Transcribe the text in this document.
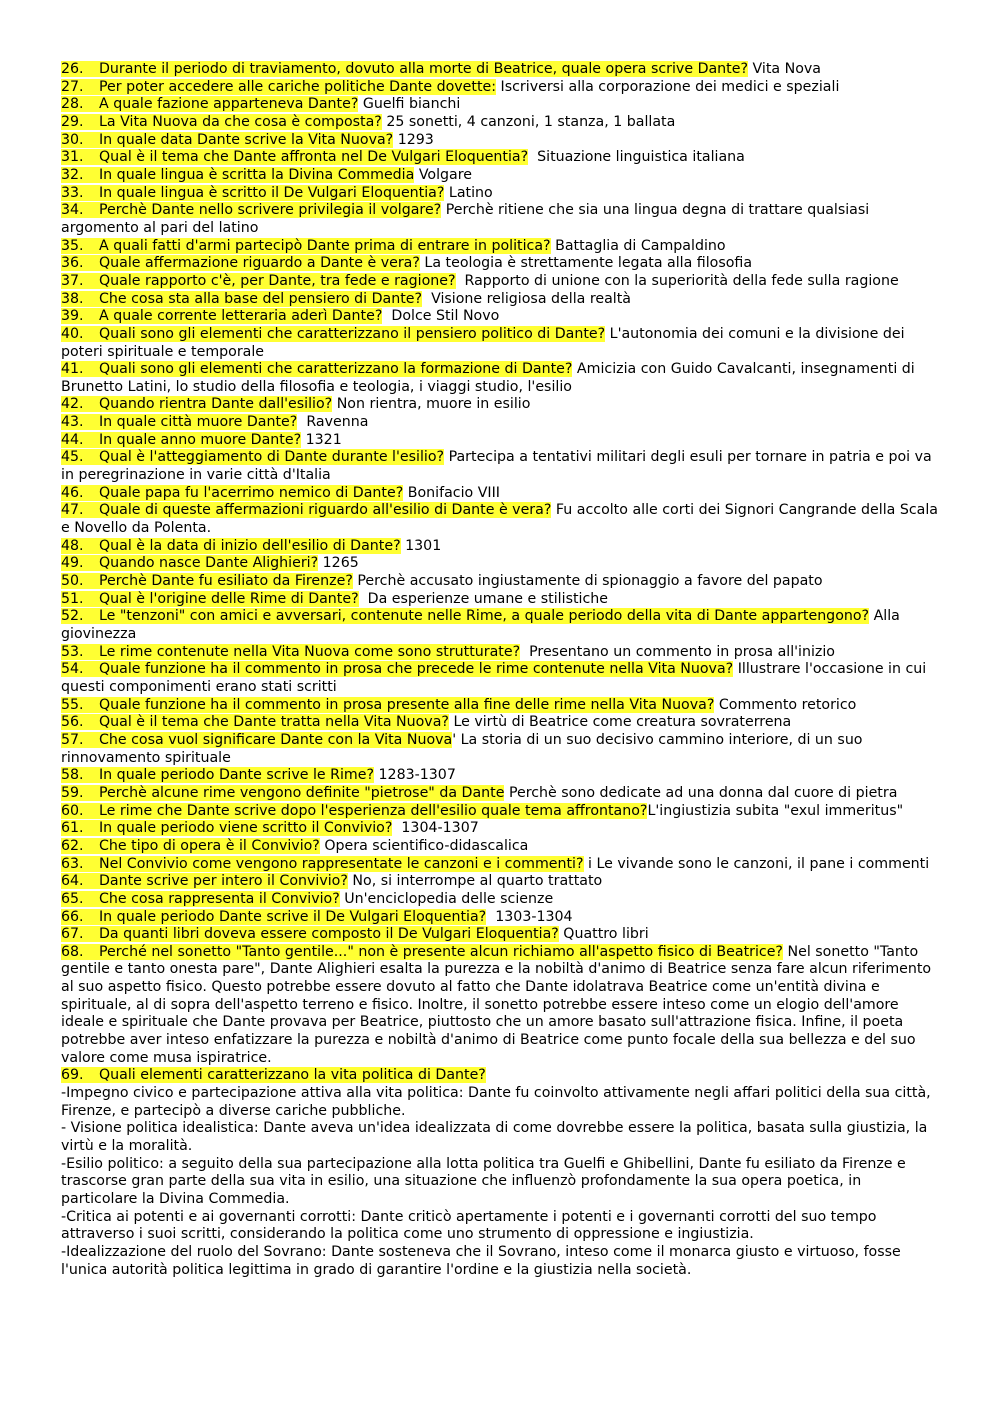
26. Durante il periodo di traviamento, dovuto alla morte di Beatrice, quale opera scrive Dante? Vita Nova
27. Per poter accedere alle cariche politiche Dante dovette: Iscriversi alla corporazione dei medici e speziali
28. A quale fazione apparteneva Dante? Guelfi bianchi
29. La Vita Nuova da che cosa è composta? 25 sonetti, 4 canzoni, 1 stanza, 1 ballata
30. In quale data Dante scrive la Vita Nuova? 1293
31. Qual è il tema che Dante affronta nel De Vulgari Eloquentia?  Situazione linguistica italiana
32. In quale lingua è scritta la Divina Commedia Volgare
33. In quale lingua è scritto il De Vulgari Eloquentia? Latino
34. Perchè Dante nello scrivere privilegia il volgare? Perchè ritiene che sia una lingua degna di trattare qualsiasi argomento al pari del latino
35. A quali fatti d'armi partecipò Dante prima di entrare in politica? Battaglia di Campaldino
36. Quale affermazione riguardo a Dante è vera? La teologia è strettamente legata alla filosofia
37. Quale rapporto c'è, per Dante, tra fede e ragione?  Rapporto di unione con la superiorità della fede sulla ragione
38. Che cosa sta alla base del pensiero di Dante?  Visione religiosa della realtà
39. A quale corrente letteraria aderì Dante?  Dolce Stil Novo
40. Quali sono gli elementi che caratterizzano il pensiero politico di Dante? L'autonomia dei comuni e la divisione dei poteri spirituale e temporale
41. Quali sono gli elementi che caratterizzano la formazione di Dante? Amicizia con Guido Cavalcanti, insegnamenti di Brunetto Latini, lo studio della filosofia e teologia, i viaggi studio, l'esilio
42. Quando rientra Dante dall'esilio? Non rientra, muore in esilio
43. In quale città muore Dante?  Ravenna
44. In quale anno muore Dante? 1321
45. Qual è l'atteggiamento di Dante durante l'esilio? Partecipa a tentativi militari degli esuli per tornare in patria e poi va in peregrinazione in varie città d'Italia
46. Quale papa fu l'acerrimo nemico di Dante? Bonifacio VIII
47. Quale di queste affermazioni riguardo all'esilio di Dante è vera? Fu accolto alle corti dei Signori Cangrande della Scala e Novello da Polenta.
48. Qual è la data di inizio dell'esilio di Dante? 1301
49. Quando nasce Dante Alighieri? 1265
50. Perchè Dante fu esiliato da Firenze? Perchè accusato ingiustamente di spionaggio a favore del papato
51. Qual è l'origine delle Rime di Dante?  Da esperienze umane e stilistiche
52. Le "tenzoni" con amici e avversari, contenute nelle Rime, a quale periodo della vita di Dante appartengono? Alla giovinezza
53. Le rime contenute nella Vita Nuova come sono strutturate?  Presentano un commento in prosa all'inizio
54. Quale funzione ha il commento in prosa che precede le rime contenute nella Vita Nuova? Illustrare l'occasione in cui questi componimenti erano stati scritti
55. Quale funzione ha il commento in prosa presente alla fine delle rime nella Vita Nuova? Commento retorico
56. Qual è il tema che Dante tratta nella Vita Nuova? Le virtù di Beatrice come creatura sovraterrena
57. Che cosa vuol significare Dante con la Vita Nuova' La storia di un suo decisivo cammino interiore, di un suo rinnovamento spirituale
58. In quale periodo Dante scrive le Rime? 1283-1307
59. Perchè alcune rime vengono definite "pietrose" da Dante Perchè sono dedicate ad una donna dal cuore di pietra
60. Le rime che Dante scrive dopo l'esperienza dell'esilio quale tema affrontano?L'ingiustizia subita "exul immeritus"
61. In quale periodo viene scritto il Convivio?  1304-1307
62. Che tipo di opera è il Convivio? Opera scientifico-didascalica
63. Nel Convivio come vengono rappresentate le canzoni e i commenti? i Le vivande sono le canzoni, il pane i commenti
64. Dante scrive per intero il Convivio? No, si interrompe al quarto trattato
65. Che cosa rappresenta il Convivio? Un'enciclopedia delle scienze
66. In quale periodo Dante scrive il De Vulgari Eloquentia?  1303-1304
67. Da quanti libri doveva essere composto il De Vulgari Eloquentia? Quattro libri
68. Perché nel sonetto "Tanto gentile..." non è presente alcun richiamo all'aspetto fisico di Beatrice? Nel sonetto "Tanto gentile e tanto onesta pare", Dante Alighieri esalta la purezza e la nobiltà d'animo di Beatrice senza fare alcun riferimento al suo aspetto fisico. Questo potrebbe essere dovuto al fatto che Dante idolatrava Beatrice come un'entità divina e spirituale, al di sopra dell'aspetto terreno e fisico. Inoltre, il sonetto potrebbe essere inteso come un elogio dell'amore ideale e spirituale che Dante provava per Beatrice, piuttosto che un amore basato sull'attrazione fisica. Infine, il poeta potrebbe aver inteso enfatizzare la purezza e nobiltà d'animo di Beatrice come punto focale della sua bellezza e del suo valore come musa ispiratrice.
69. Quali elementi caratterizzano la vita politica di Dante?
-Impegno civico e partecipazione attiva alla vita politica: Dante fu coinvolto attivamente negli affari politici della sua città, Firenze, e partecipò a diverse cariche pubbliche.
- Visione politica idealistica: Dante aveva un'idea idealizzata di come dovrebbe essere la politica, basata sulla giustizia, la virtù e la moralità.
-Esilio politico: a seguito della sua partecipazione alla lotta politica tra Guelfi e Ghibellini, Dante fu esiliato da Firenze e trascorse gran parte della sua vita in esilio, una situazione che influenzò profondamente la sua opera poetica, in particolare la Divina Commedia.
-Critica ai potenti e ai governanti corrotti: Dante criticò apertamente i potenti e i governanti corrotti del suo tempo attraverso i suoi scritti, considerando la politica come uno strumento di oppressione e ingiustizia.
-Idealizzazione del ruolo del Sovrano: Dante sosteneva che il Sovrano, inteso come il monarca giusto e virtuoso, fosse l'unica autorità politica legittima in grado di garantire l'ordine e la giustizia nella società.
